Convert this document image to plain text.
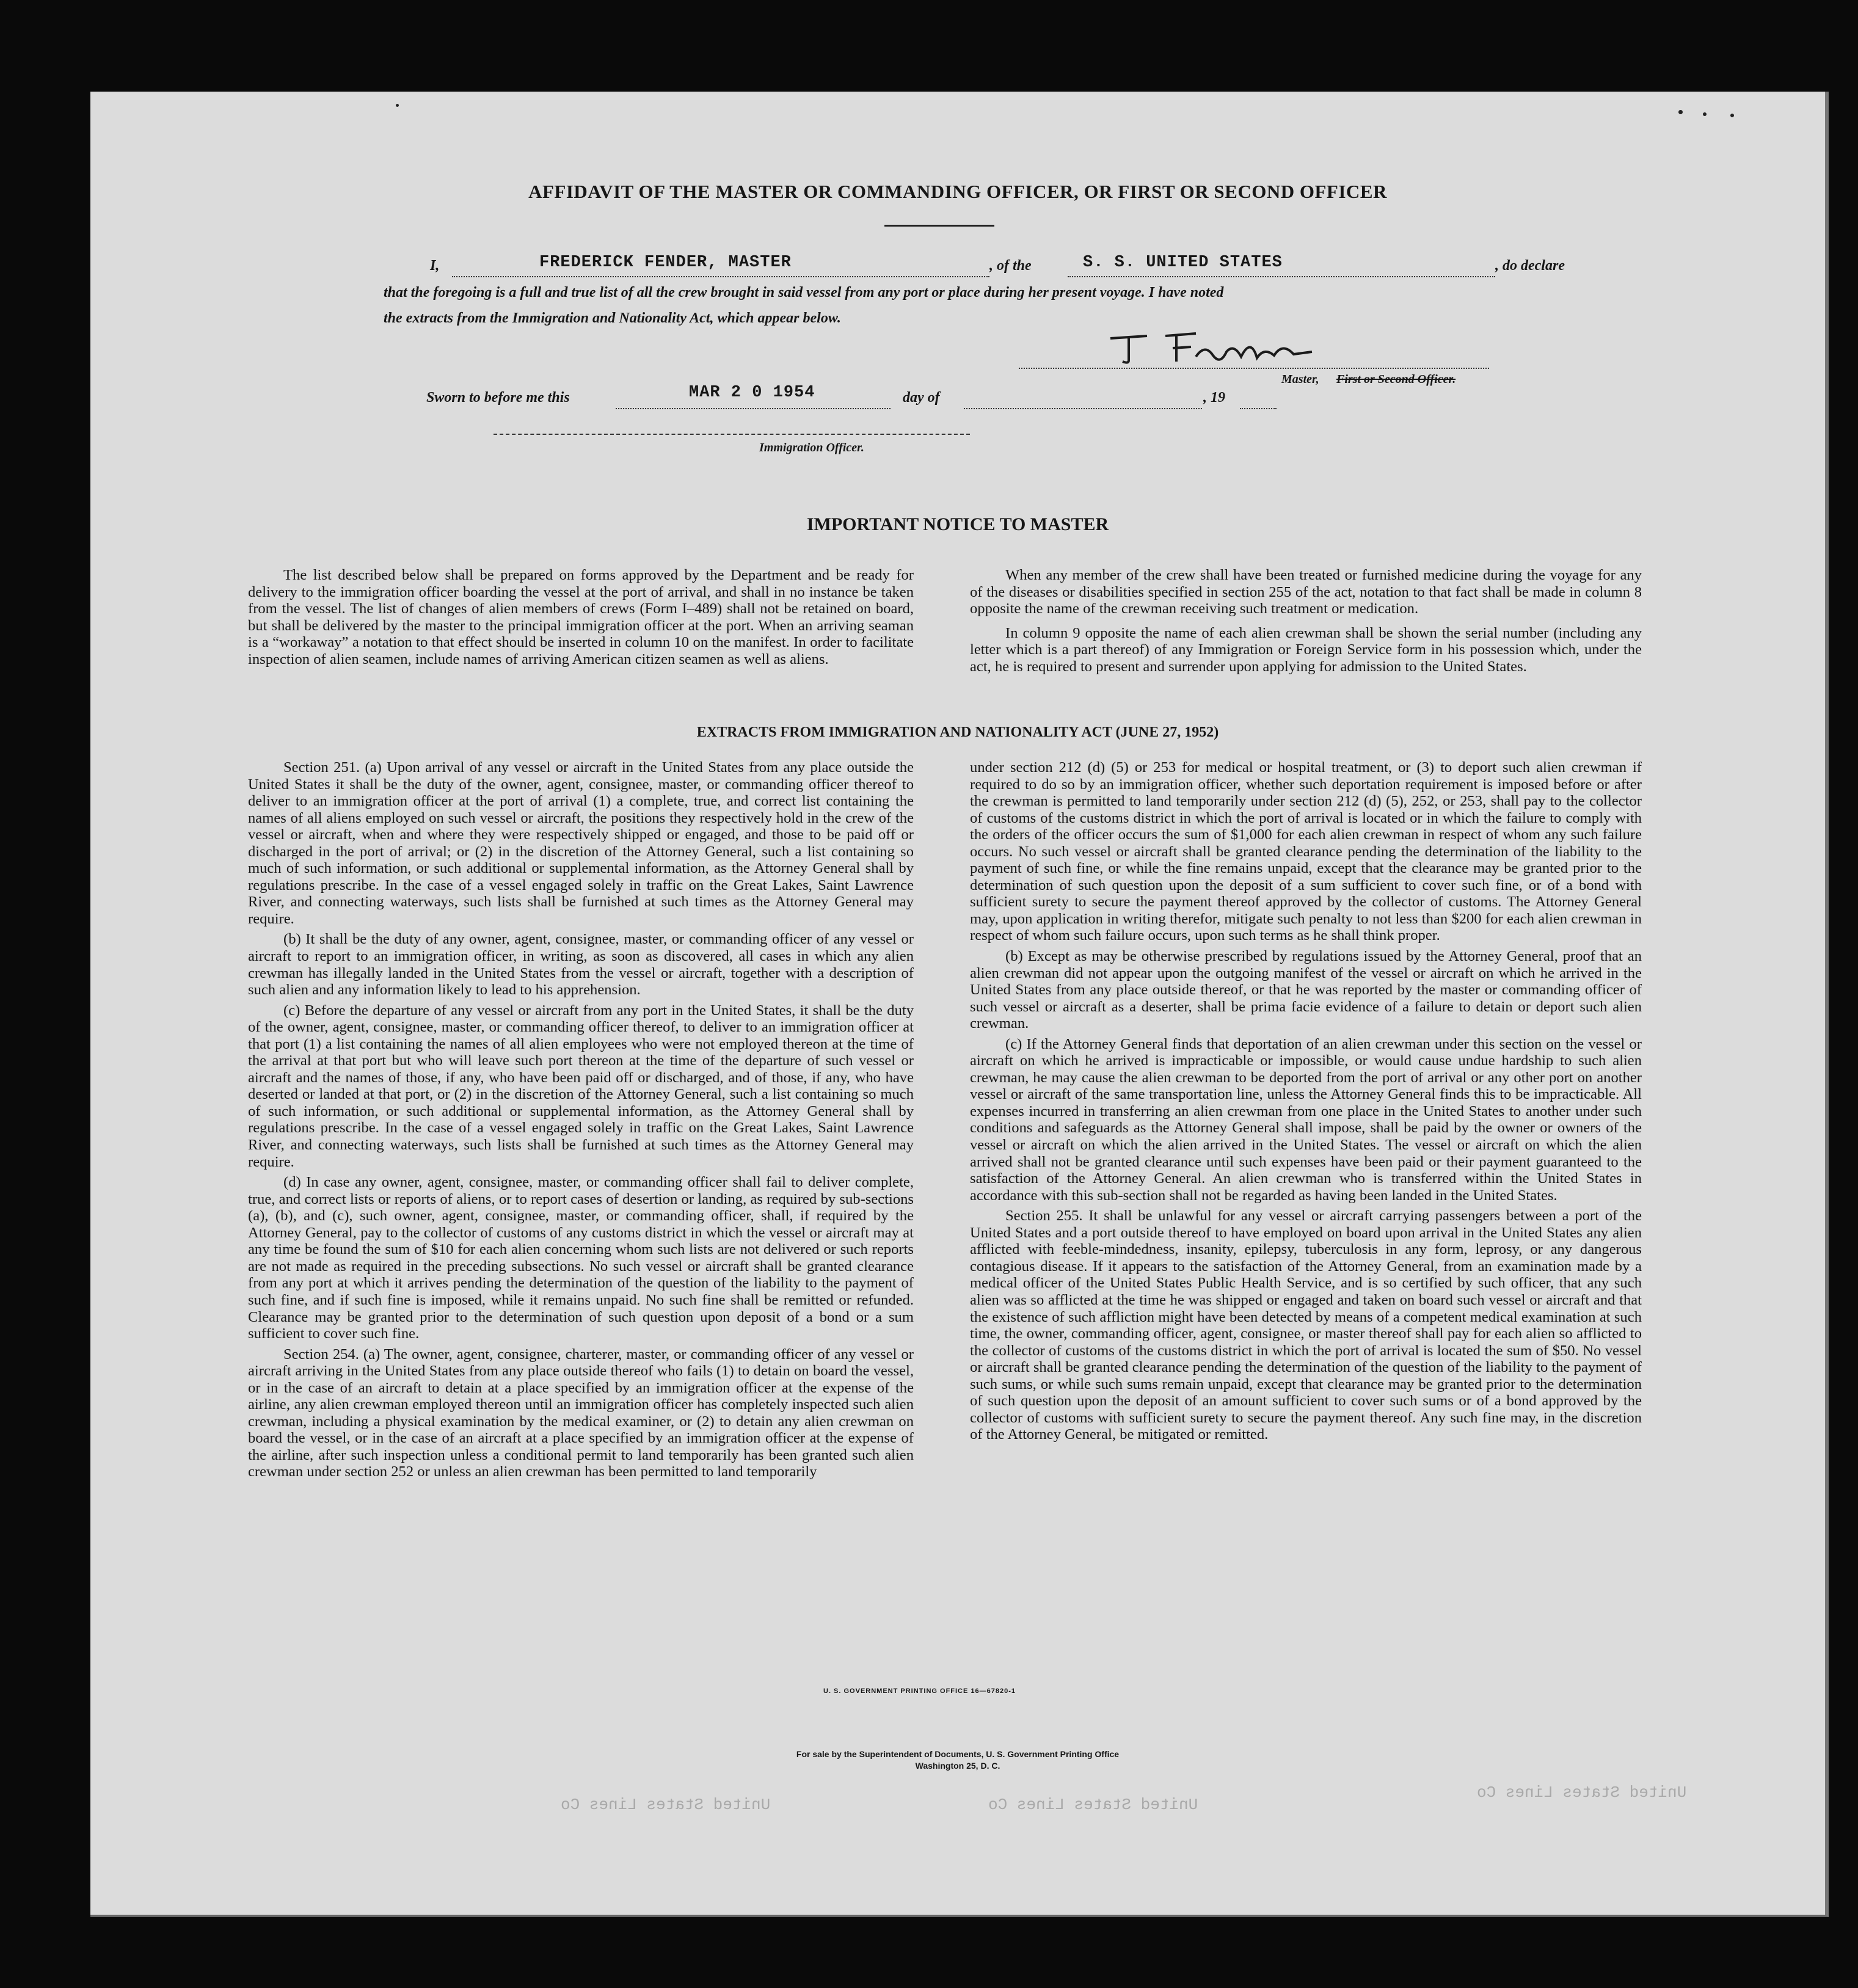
AFFIDAVIT OF THE MASTER OR COMMANDING OFFICER, OR FIRST OR SECOND OFFICER
I,	FREDERICK FENDER, MASTER	, of the	S. S. UNITED STATES	, do declare
that the foregoing is a full and true list of all the crew brought in said vessel from any port or place during her present voyage. I have noted
the extracts from the Immigration and Nationality Act, which appear below.
Master, First or Second Officer.
Sworn to before me this	MAR 2 0 1954	day of	, 19
Immigration Officer.
IMPORTANT NOTICE TO MASTER

The list described below shall be prepared on forms approved by the Department and be ready for delivery to the immigration officer boarding the vessel at the port of arrival, and shall in no instance be taken from the vessel. The list of changes of alien members of crews (Form I–489) shall not be retained on board, but shall be delivered by the master to the principal immigration officer at the port. When an arriving seaman is a “workaway” a notation to that effect should be inserted in column 10 on the manifest. In order to facilitate inspection of alien seamen, include names of arriving American citizen seamen as well as aliens.

When any member of the crew shall have been treated or furnished medicine during the voyage for any of the diseases or disabilities specified in section 255 of the act, notation to that fact shall be made in column 8 opposite the name of the crewman receiving such treatment or medication.

In column 9 opposite the name of each alien crewman shall be shown the serial number (including any letter which is a part thereof) of any Immigration or Foreign Service form in his possession which, under the act, he is required to present and surrender upon applying for admission to the United States.

EXTRACTS FROM IMMIGRATION AND NATIONALITY ACT (JUNE 27, 1952)

Section 251. (a) Upon arrival of any vessel or aircraft in the United States from any place outside the United States it shall be the duty of the owner, agent, consignee, master, or commanding officer thereof to deliver to an immigration officer at the port of arrival (1) a complete, true, and correct list containing the names of all aliens employed on such vessel or aircraft, the positions they respectively hold in the crew of the vessel or aircraft, when and where they were respectively shipped or engaged, and those to be paid off or discharged in the port of arrival; or (2) in the discretion of the Attorney General, such a list containing so much of such information, or such additional or supplemental information, as the Attorney General shall by regulations prescribe. In the case of a vessel engaged solely in traffic on the Great Lakes, Saint Lawrence River, and connecting waterways, such lists shall be furnished at such times as the Attorney General may require.

(b) It shall be the duty of any owner, agent, consignee, master, or commanding officer of any vessel or aircraft to report to an immigration officer, in writing, as soon as discovered, all cases in which any alien crewman has illegally landed in the United States from the vessel or aircraft, together with a description of such alien and any information likely to lead to his apprehension.

(c) Before the departure of any vessel or aircraft from any port in the United States, it shall be the duty of the owner, agent, consignee, master, or commanding officer thereof, to deliver to an immigration officer at that port (1) a list containing the names of all alien employees who were not employed thereon at the time of the arrival at that port but who will leave such port thereon at the time of the departure of such vessel or aircraft and the names of those, if any, who have been paid off or discharged, and of those, if any, who have deserted or landed at that port, or (2) in the discretion of the Attorney General, such a list containing so much of such information, or such additional or supplemental information, as the Attorney General shall by regulations prescribe. In the case of a vessel engaged solely in traffic on the Great Lakes, Saint Lawrence River, and connecting waterways, such lists shall be furnished at such times as the Attorney General may require.

(d) In case any owner, agent, consignee, master, or commanding officer shall fail to deliver complete, true, and correct lists or reports of aliens, or to report cases of desertion or landing, as required by sub-sections (a), (b), and (c), such owner, agent, consignee, master, or commanding officer, shall, if required by the Attorney General, pay to the collector of customs of any customs district in which the vessel or aircraft may at any time be found the sum of $10 for each alien concerning whom such lists are not delivered or such reports are not made as required in the preceding subsections. No such vessel or aircraft shall be granted clearance from any port at which it arrives pending the determination of the question of the liability to the payment of such fine, and if such fine is imposed, while it remains unpaid. No such fine shall be remitted or refunded. Clearance may be granted prior to the determination of such question upon deposit of a bond or a sum sufficient to cover such fine.

Section 254. (a) The owner, agent, consignee, charterer, master, or commanding officer of any vessel or aircraft arriving in the United States from any place outside thereof who fails (1) to detain on board the vessel, or in the case of an aircraft to detain at a place specified by an immigration officer at the expense of the airline, any alien crewman employed thereon until an immigration officer has completely inspected such alien crewman, including a physical examination by the medical examiner, or (2) to detain any alien crewman on board the vessel, or in the case of an aircraft at a place specified by an immigration officer at the expense of the airline, after such inspection unless a conditional permit to land temporarily has been granted such alien crewman under section 252 or unless an alien crewman has been permitted to land temporarily

under section 212 (d) (5) or 253 for medical or hospital treatment, or (3) to deport such alien crewman if required to do so by an immigration officer, whether such deportation requirement is imposed before or after the crewman is permitted to land temporarily under section 212 (d) (5), 252, or 253, shall pay to the collector of customs of the customs district in which the port of arrival is located or in which the failure to comply with the orders of the officer occurs the sum of $1,000 for each alien crewman in respect of whom any such failure occurs. No such vessel or aircraft shall be granted clearance pending the determination of the liability to the payment of such fine, or while the fine remains unpaid, except that the clearance may be granted prior to the determination of such question upon the deposit of a sum sufficient to cover such fine, or of a bond with sufficient surety to secure the payment thereof approved by the collector of customs. The Attorney General may, upon application in writing therefor, mitigate such penalty to not less than $200 for each alien crewman in respect of whom such failure occurs, upon such terms as he shall think proper.

(b) Except as may be otherwise prescribed by regulations issued by the Attorney General, proof that an alien crewman did not appear upon the outgoing manifest of the vessel or aircraft on which he arrived in the United States from any place outside thereof, or that he was reported by the master or commanding officer of such vessel or aircraft as a deserter, shall be prima facie evidence of a failure to detain or deport such alien crewman.

(c) If the Attorney General finds that deportation of an alien crewman under this section on the vessel or aircraft on which he arrived is impracticable or impossible, or would cause undue hardship to such alien crewman, he may cause the alien crewman to be deported from the port of arrival or any other port on another vessel or aircraft of the same transportation line, unless the Attorney General finds this to be impracticable. All expenses incurred in transferring an alien crewman from one place in the United States to another under such conditions and safeguards as the Attorney General shall impose, shall be paid by the owner or owners of the vessel or aircraft on which the alien arrived in the United States. The vessel or aircraft on which the alien arrived shall not be granted clearance until such expenses have been paid or their payment guaranteed to the satisfaction of the Attorney General. An alien crewman who is transferred within the United States in accordance with this sub-section shall not be regarded as having been landed in the United States.

Section 255. It shall be unlawful for any vessel or aircraft carrying passengers between a port of the United States and a port outside thereof to have employed on board upon arrival in the United States any alien afflicted with feeble-mindedness, insanity, epilepsy, tuberculosis in any form, leprosy, or any dangerous contagious disease. If it appears to the satisfaction of the Attorney General, from an examination made by a medical officer of the United States Public Health Service, and is so certified by such officer, that any such alien was so afflicted at the time he was shipped or engaged and taken on board such vessel or aircraft and that the existence of such affliction might have been detected by means of a competent medical examination at such time, the owner, commanding officer, agent, consignee, or master thereof shall pay for each alien so afflicted to the collector of customs of the customs district in which the port of arrival is located the sum of $50. No vessel or aircraft shall be granted clearance pending the determination of the question of the liability to the payment of such sums, or while such sums remain unpaid, except that clearance may be granted prior to the determination of such question upon the deposit of an amount sufficient to cover such sums or of a bond approved by the collector of customs with sufficient surety to secure the payment thereof. Any such fine may, in the discretion of the Attorney General, be mitigated or remitted.

U. S. GOVERNMENT PRINTING OFFICE 16—67820-1
For sale by the Superintendent of Documents, U. S. Government Printing Office
Washington 25, D. C.
United States Lines Co	United States Lines Co
United States Lines Co
